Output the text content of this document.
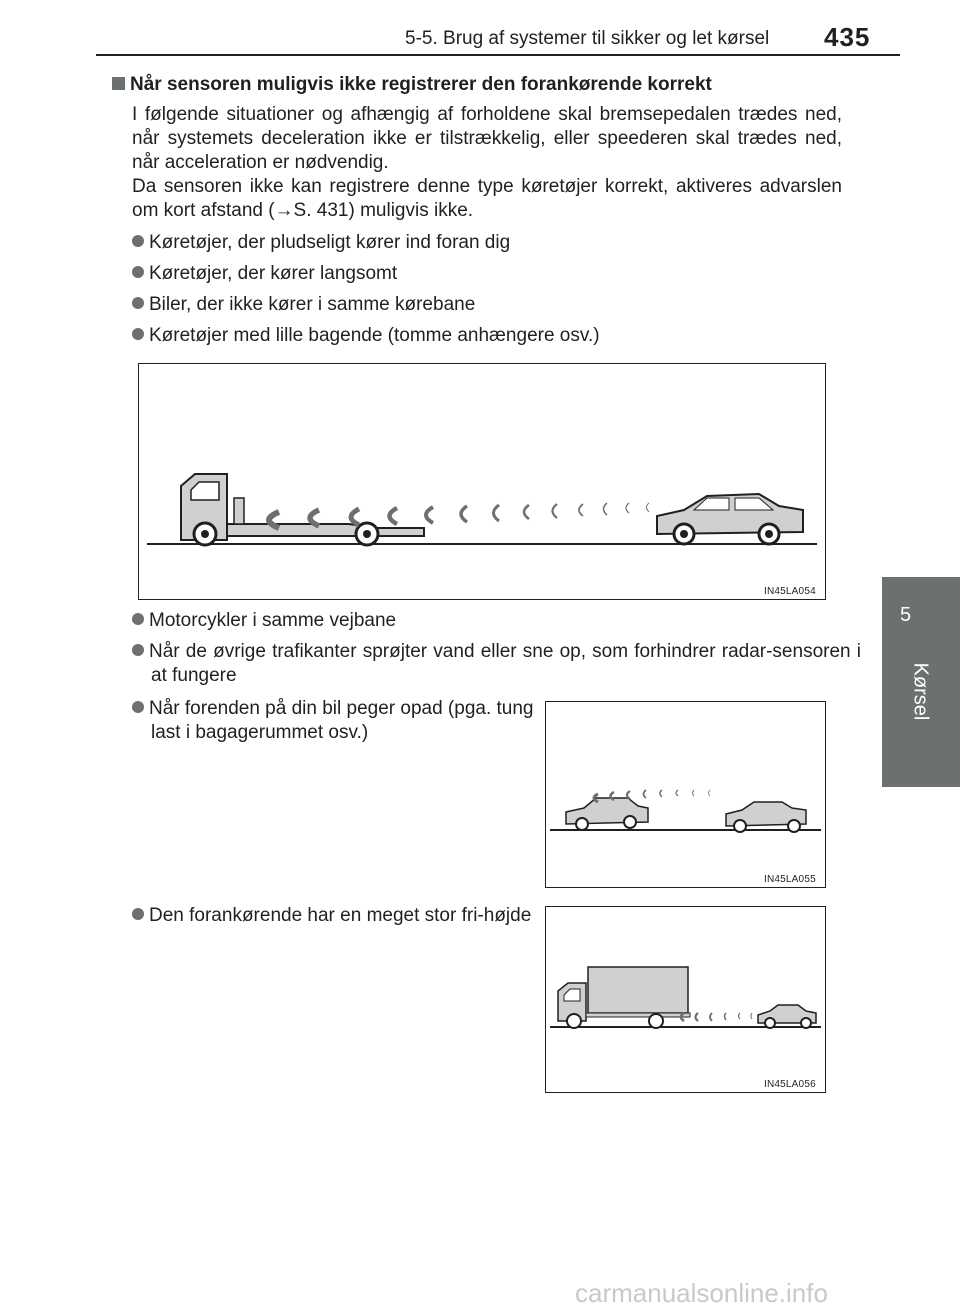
5-5. Brug af systemer til sikker og let kørsel 435
5
Kørsel
Når sensoren muligvis ikke registrerer den forankørende korrekt
I følgende situationer og afhængig af forholdene skal bremsepedalen trædes ned, når systemets deceleration ikke er tilstrækkelig, eller speederen skal trædes ned, når acceleration er nødvendig.
Da sensoren ikke kan registrere denne type køretøjer korrekt, aktiveres advarslen om kort afstand (→S. 431) muligvis ikke.
Køretøjer, der pludseligt kører ind foran dig
Køretøjer, der kører langsomt
Biler, der ikke kører i samme kørebane
Køretøjer med lille bagende (tomme anhængere osv.)
IN45LA054
Motorcykler i samme vejbane
Når de øvrige trafikanter sprøjter vand eller sne op, som forhindrer radar-sensoren i at fungere
Når forenden på din bil peger opad (pga. tung last i bagagerummet osv.)
Den forankørende har en meget stor fri-højde
IN45LA055
IN45LA056
carmanualsonline.info
